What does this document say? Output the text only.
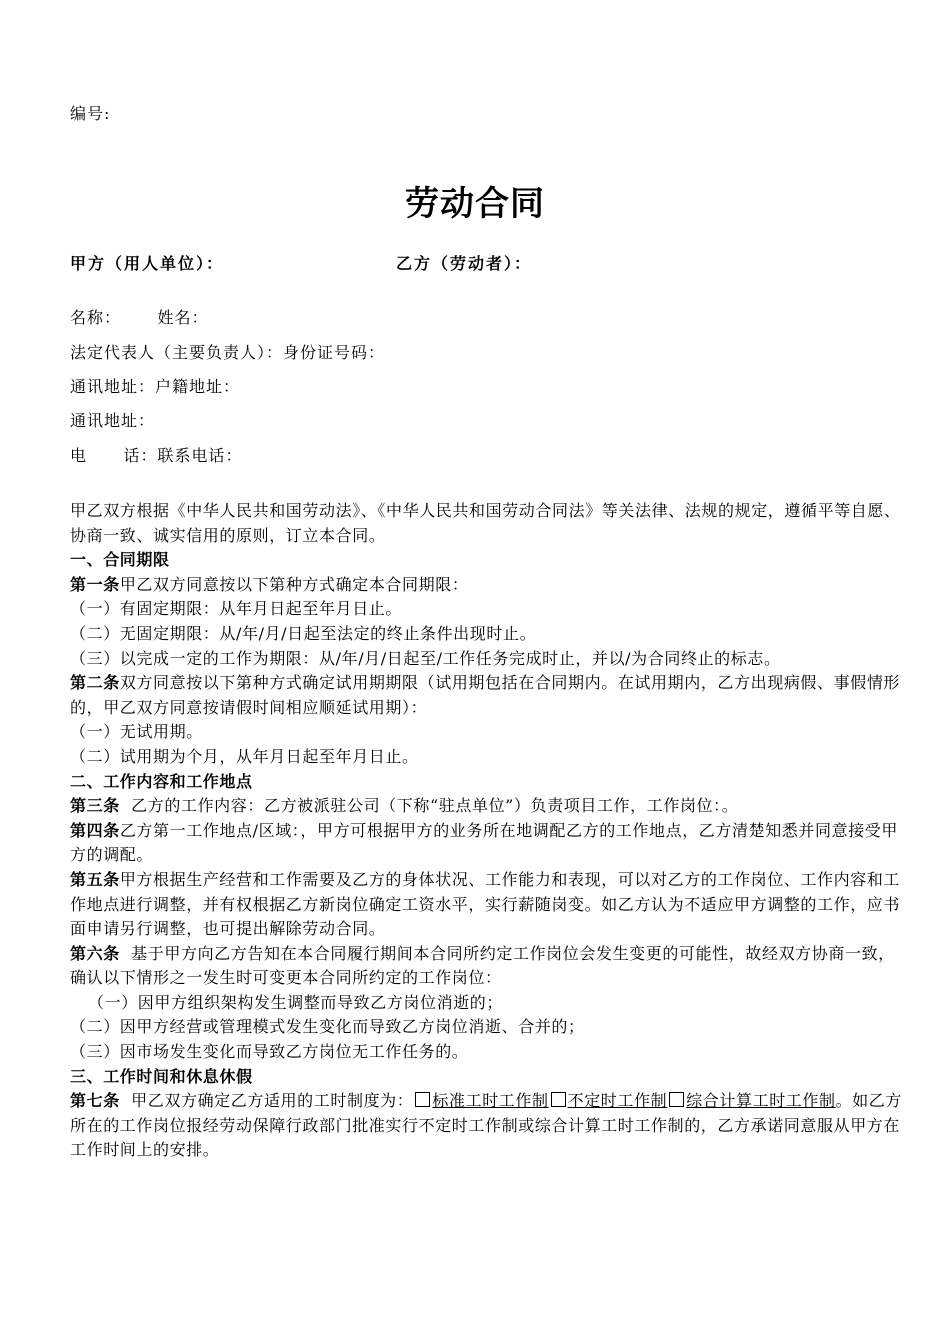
编号:
劳动合同
甲方（用人单位）：	乙方（劳动者）：
名称：      姓名：
法定代表人（主要负责人）：身份证号码：
通讯地址：户籍地址：
通讯地址：
电      话：联系电话：

甲乙双方根据《中华人民共和国劳动法》、《中华人民共和国劳动合同法》等关法律、法规的规定，遵循平等自愿、协商一致、诚实信用的原则，订立本合同。

一、合同期限

第一条甲乙双方同意按以下第种方式确定本合同期限：

（一）有固定期限：从年月日起至年月日止。

（二）无固定期限：从/年/月/日起至法定的终止条件出现时止。

（三）以完成一定的工作为期限：从/年/月/日起至/工作任务完成时止，并以/为合同终止的标志。

第二条双方同意按以下第种方式确定试用期期限（试用期包括在合同期内。在试用期内，乙方出现病假、事假情形的，甲乙双方同意按请假时间相应顺延试用期）：

（一）无试用期。

（二）试用期为个月，从年月日起至年月日止。

二、工作内容和工作地点

第三条  乙方的工作内容：乙方被派驻公司（下称“驻点单位”）负责项目工作，工作岗位：。

第四条乙方第一工作地点/区域：，甲方可根据甲方的业务所在地调配乙方的工作地点，乙方清楚知悉并同意接受甲方的调配。

第五条甲方根据生产经营和工作需要及乙方的身体状况、工作能力和表现，可以对乙方的工作岗位、工作内容和工作地点进行调整，并有权根据乙方新岗位确定工资水平，实行薪随岗变。如乙方认为不适应甲方调整的工作，应书面申请另行调整，也可提出解除劳动合同。

第六条  基于甲方向乙方告知在本合同履行期间本合同所约定工作岗位会发生变更的可能性，故经双方协商一致，确认以下情形之一发生时可变更本合同所约定的工作岗位：

（一）因甲方组织架构发生调整而导致乙方岗位消逝的；

（二）因甲方经营或管理模式发生变化而导致乙方岗位消逝、合并的；

（三）因市场发生变化而导致乙方岗位无工作任务的。

三、工作时间和休息休假

第七条  甲乙双方确定乙方适用的工时制度为： 标准工时工作制 不定时工作制 综合计算工时工作制。如乙方所在的工作岗位报经劳动保障行政部门批准实行不定时工作制或综合计算工时工作制的，乙方承诺同意服从甲方在工作时间上的安排。
